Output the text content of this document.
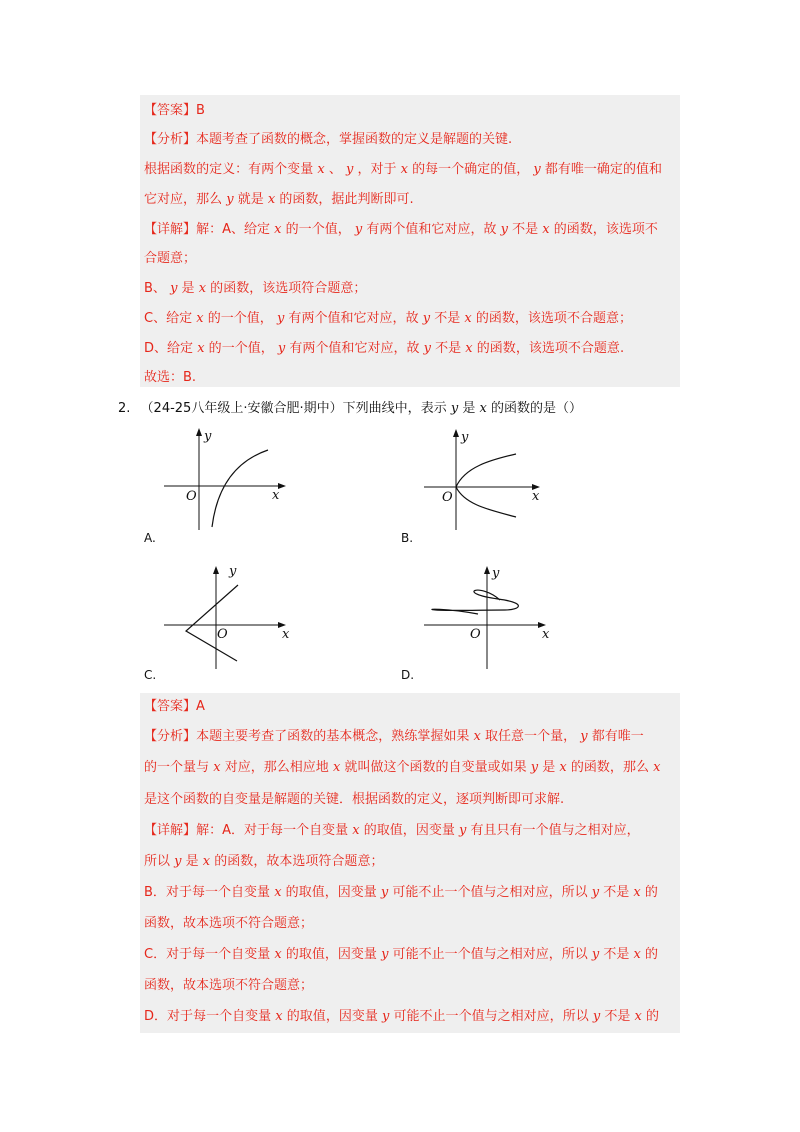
【答案】B
【分析】本题考查了函数的概念，掌握函数的定义是解题的关键.
根据函数的定义：有两个变量 x 、 y ，对于 x 的每一个确定的值， y 都有唯一确定的值和
它对应，那么 y 就是 x 的函数，据此判断即可.
【详解】解：A、给定 x 的一个值， y 有两个值和它对应，故 y 不是 x 的函数，该选项不
合题意；
B、 y 是 x 的函数，该选项符合题意；
C、给定 x 的一个值， y 有两个值和它对应，故 y 不是 x 的函数，该选项不合题意；
D、给定 x 的一个值， y 有两个值和它对应，故 y 不是 x 的函数，该选项不合题意.
故选：B.
2. （24-25八年级上·安徽合肥·期中）下列曲线中，表示 y 是 x 的函数的是（）
y
x
O
A.
y
x
O
B.
y
x
O
C.
y
x
O
D.
【答案】A
【分析】本题主要考查了函数的基本概念，熟练掌握如果 x 取任意一个量， y 都有唯一
的一个量与 x 对应，那么相应地 x 就叫做这个函数的自变量或如果 y 是 x 的函数，那么 x
是这个函数的自变量是解题的关键．根据函数的定义，逐项判断即可求解.
【详解】解：A．对于每一个自变量 x 的取值，因变量 y 有且只有一个值与之相对应，
所以 y 是 x 的函数，故本选项符合题意；
B．对于每一个自变量 x 的取值，因变量 y 可能不止一个值与之相对应，所以 y 不是 x 的
函数，故本选项不符合题意；
C．对于每一个自变量 x 的取值，因变量 y 可能不止一个值与之相对应，所以 y 不是 x 的
函数，故本选项不符合题意；
D．对于每一个自变量 x 的取值，因变量 y 可能不止一个值与之相对应，所以 y 不是 x 的
